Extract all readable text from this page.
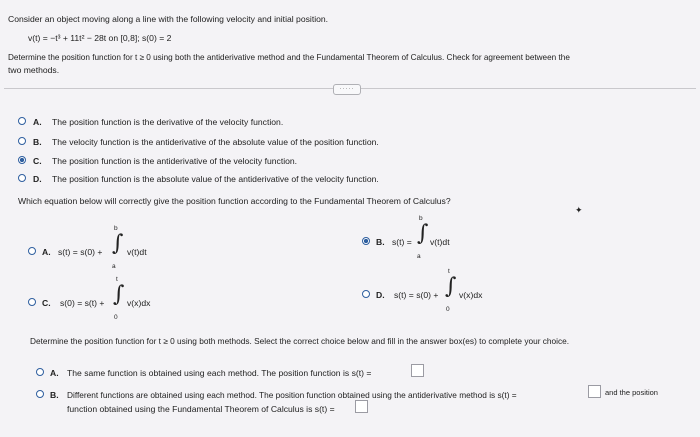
Consider an object moving along a line with the following velocity and initial position.
v(t) = −t³ + 11t² − 28t on [0,8]; s(0) = 2
Determine the position function for t ≥ 0 using both the antiderivative method and the Fundamental Theorem of Calculus. Check for agreement between the
two methods.
·····
A. The position function is the derivative of the velocity function.
B. The velocity function is the antiderivative of the absolute value of the position function.
C. The position function is the antiderivative of the velocity function.
D. The position function is the absolute value of the antiderivative of the velocity function.
Which equation below will correctly give the position function according to the Fundamental Theorem of Calculus?
✦
A. s(t) = s(0) + ∫
b
a
v(t)dt
B. s(t) = ∫
b
a
v(t)dt
C. s(0) = s(t) + ∫
t
0
v(x)dx
D. s(t) = s(0) + ∫
t
0
v(x)dx
Determine the position function for t ≥ 0 using both methods. Select the correct choice below and fill in the answer box(es) to complete your choice.
A. The same function is obtained using each method. The position function is s(t) =
B. Different functions are obtained using each method. The position function obtained using the antiderivative method is s(t) =	and the position
function obtained using the Fundamental Theorem of Calculus is s(t) =
